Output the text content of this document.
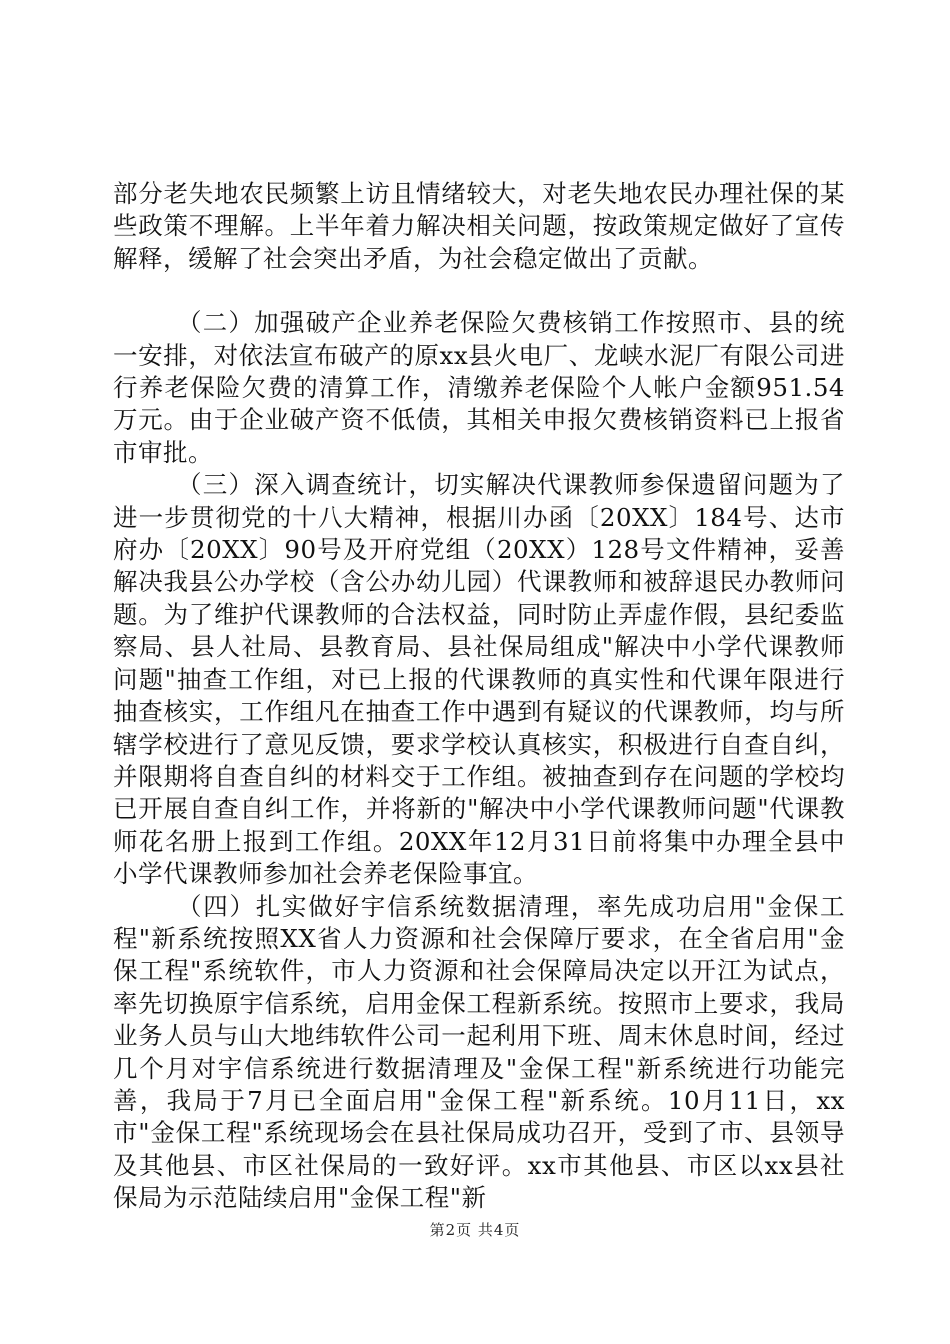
部分老失地农民频繁上访且情绪较大，对老失地农民办理社保的某些政策不理解。上半年着力解决相关问题，按政策规定做好了宣传解释，缓解了社会突出矛盾，为社会稳定做出了贡献。

（二）加强破产企业养老保险欠费核销工作按照市、县的统一安排，对依法宣布破产的原xx县火电厂、龙峡水泥厂有限公司进行养老保险欠费的清算工作，清缴养老保险个人帐户金额951.54万元。由于企业破产资不低债，其相关申报欠费核销资料已上报省市审批。

（三）深入调查统计，切实解决代课教师参保遗留问题为了进一步贯彻党的十八大精神，根据川办函〔20XX〕184号、达市府办〔20XX〕90号及开府党组（20XX）128号文件精神，妥善解决我县公办学校（含公办幼儿园）代课教师和被辞退民办教师问题。为了维护代课教师的合法权益，同时防止弄虚作假，县纪委监察局、县人社局、县教育局、县社保局组成"解决中小学代课教师问题"抽查工作组，对已上报的代课教师的真实性和代课年限进行抽查核实，工作组凡在抽查工作中遇到有疑议的代课教师，均与所辖学校进行了意见反馈，要求学校认真核实，积极进行自查自纠，并限期将自查自纠的材料交于工作组。被抽查到存在问题的学校均已开展自查自纠工作，并将新的"解决中小学代课教师问题"代课教师花名册上报到工作组。20XX年12月31日前将集中办理全县中小学代课教师参加社会养老保险事宜。

（四）扎实做好宇信系统数据清理，率先成功启用"金保工程"新系统按照XX省人力资源和社会保障厅要求，在全省启用"金保工程"系统软件，市人力资源和社会保障局决定以开江为试点，率先切换原宇信系统，启用金保工程新系统。按照市上要求，我局业务人员与山大地纬软件公司一起利用下班、周末休息时间，经过几个月对宇信系统进行数据清理及"金保工程"新系统进行功能完善，我局于7月已全面启用"金保工程"新系统。10月11日，xx市"金保工程"系统现场会在县社保局成功召开，受到了市、县领导及其他县、市区社保局的一致好评。xx市其他县、市区以xx县社保局为示范陆续启用"金保工程"新

第2页 共4页
